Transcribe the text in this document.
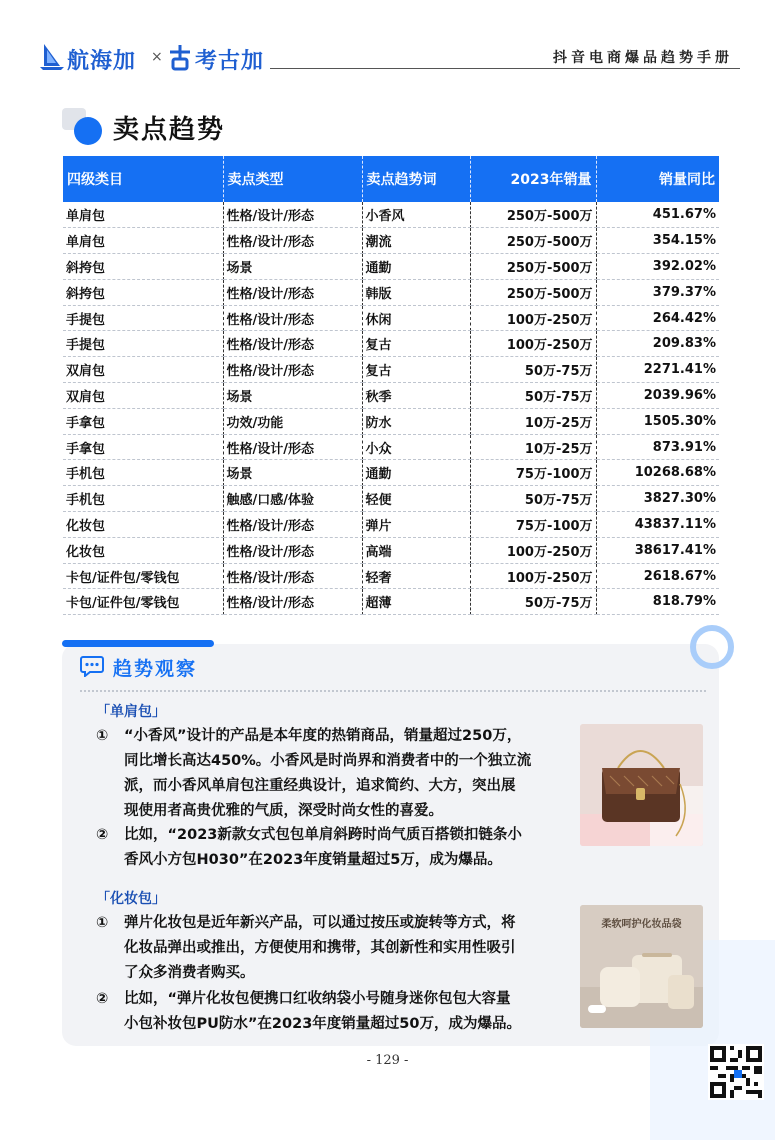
航海加 × 考古加	抖音电商爆品趋势手册
卖点趋势
四级类目	卖点类型	卖点趋势词	2023年销量	销量同比
单肩包	性格/设计/形态	小香风	250万-500万	451.67%
单肩包	性格/设计/形态	潮流	250万-500万	354.15%
斜挎包	场景	通勤	250万-500万	392.02%
斜挎包	性格/设计/形态	韩版	250万-500万	379.37%
手提包	性格/设计/形态	休闲	100万-250万	264.42%
手提包	性格/设计/形态	复古	100万-250万	209.83%
双肩包	性格/设计/形态	复古	50万-75万	2271.41%
双肩包	场景	秋季	50万-75万	2039.96%
手拿包	功效/功能	防水	10万-25万	1505.30%
手拿包	性格/设计/形态	小众	10万-25万	873.91%
手机包	场景	通勤	75万-100万	10268.68%
手机包	触感/口感/体验	轻便	50万-75万	3827.30%
化妆包	性格/设计/形态	弹片	75万-100万	43837.11%
化妆包	性格/设计/形态	高端	100万-250万	38617.41%
卡包/证件包/零钱包	性格/设计/形态	轻奢	100万-250万	2618.67%
卡包/证件包/零钱包	性格/设计/形态	超薄	50万-75万	818.79%
趋势观察
「单肩包」
①	“小香风”设计的产品是本年度的热销商品，销量超过250万，
同比增长高达450%。小香风是时尚界和消费者中的一个独立流
派，而小香风单肩包注重经典设计，追求简约、大方，突出展
现使用者高贵优雅的气质，深受时尚女性的喜爱。
②	比如，“2023新款女式包包单肩斜跨时尚气质百搭锁扣链条小
香风小方包H030”在2023年度销量超过5万，成为爆品。
「化妆包」
①	弹片化妆包是近年新兴产品，可以通过按压或旋转等方式，将
化妆品弹出或推出，方便使用和携带，其创新性和实用性吸引
了众多消费者购买。
②	比如，“弹片化妆包便携口红收纳袋小号随身迷你包包大容量
小包补妆包PU防水”在2023年度销量超过50万，成为爆品。
柔软呵护化妆品袋
- 129 -
